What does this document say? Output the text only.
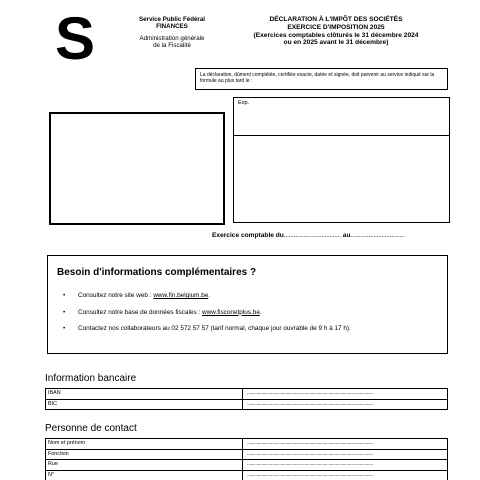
S	Service Public Fédéral
FINANCES
Administration générale
de la Fiscalité
DÉCLARATION À L'IMPÔT DES SOCIÉTÉS
EXERCICE D'IMPOSITION 2025
(Exercices comptables clôturés le 31 décembre 2024
ou en 2025 avant le 31 décembre)
La déclaration, dûment complétée, certifiée exacte, datée et signée, doit parvenir au service indiqué sur la formule au plus tard le :
Exp.
Exercice comptable du................................... au.................................
Besoin d'informations complémentaires ?
• Consultez notre site web : www.fin.belgium.be.
• Consultez notre base de données fiscales : www.fisconetplus.be.
• Contactez nos collaborateurs au 02 572 57 57 (tarif normal, chaque jour ouvrable de 9 h à 17 h).
Information bancaire
IBAN	.........................................................................................................
BIC	.........................................................................................................
Personne de contact
Nom et prénom	.........................................................................................................
Fonction	.........................................................................................................
Rue	.........................................................................................................
N°	.........................................................................................................
